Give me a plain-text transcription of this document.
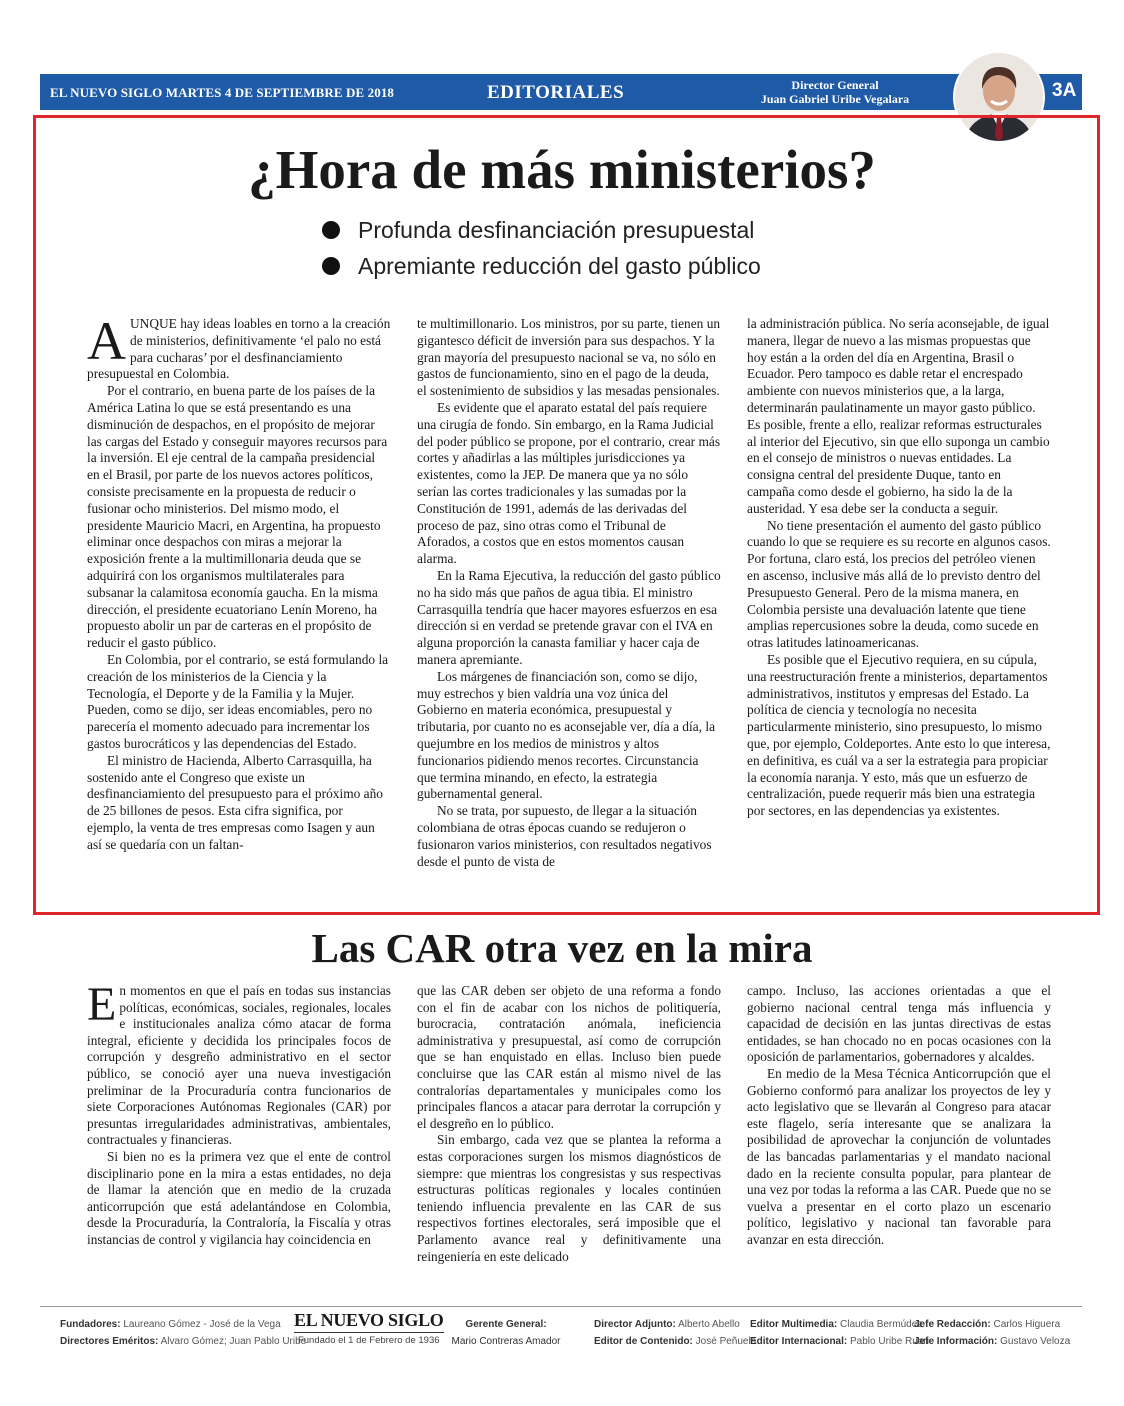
EL NUEVO SIGLO MARTES 4 DE SEPTIEMBRE DE 2018	EDITORIALES	Director General
Juan Gabriel Uribe Vegalara	3A
¿Hora de más ministerios?
Profunda desfinanciación presupuestal
Apremiante reducción del gasto público

AUNQUE hay ideas loables en torno a la creación de ministerios, definitivamente ‘el palo no está para cucharas’ por el desfinanciamiento presupuestal en Colombia.

Por el contrario, en buena parte de los países de la América Latina lo que se está presentando es una disminución de despachos, en el propósito de mejorar las cargas del Estado y conseguir mayores recursos para la inversión. El eje central de la campaña presidencial en el Brasil, por parte de los nuevos actores políticos, consiste precisamente en la propuesta de reducir o fusionar ocho ministerios. Del mismo modo, el presidente Mauricio Macri, en Argentina, ha propuesto eliminar once despachos con miras a mejorar la exposición frente a la multimillonaria deuda que se adquirirá con los organismos multilaterales para subsanar la calamitosa economía gaucha. En la misma dirección, el presidente ecuatoriano Lenín Moreno, ha propuesto abolir un par de carteras en el propósito de reducir el gasto público.

En Colombia, por el contrario, se está formulando la creación de los ministerios de la Ciencia y la Tecnología, el Deporte y de la Familia y la Mujer. Pueden, como se dijo, ser ideas encomiables, pero no parecería el momento adecuado para incrementar los gastos burocráticos y las dependencias del Estado.

El ministro de Hacienda, Alberto Carrasquilla, ha sostenido ante el Congreso que existe un desfinanciamiento del presupuesto para el próximo año de 25 billones de pesos. Esta cifra significa, por ejemplo, la venta de tres empresas como Isagen y aun así se quedaría con un faltan-

te multimillonario. Los ministros, por su parte, tienen un gigantesco déficit de inversión para sus despachos. Y la gran mayoría del presupuesto nacional se va, no sólo en gastos de funcionamiento, sino en el pago de la deuda, el sostenimiento de subsidios y las mesadas pensionales.

Es evidente que el aparato estatal del país requiere una cirugía de fondo. Sin embargo, en la Rama Judicial del poder público se propone, por el contrario, crear más cortes y añadirlas a las múltiples jurisdicciones ya existentes, como la JEP. De manera que ya no sólo serían las cortes tradicionales y las sumadas por la Constitución de 1991, además de las derivadas del proceso de paz, sino otras como el Tribunal de Aforados, a costos que en estos momentos causan alarma.

En la Rama Ejecutiva, la reducción del gasto público no ha sido más que paños de agua tibia. El ministro Carrasquilla tendría que hacer mayores esfuerzos en esa dirección si en verdad se pretende gravar con el IVA en alguna proporción la canasta familiar y hacer caja de manera apremiante.

Los márgenes de financiación son, como se dijo, muy estrechos y bien valdría una voz única del Gobierno en materia económica, presupuestal y tributaria, por cuanto no es aconsejable ver, día a día, la quejumbre en los medios de ministros y altos funcionarios pidiendo menos recortes. Circunstancia que termina minando, en efecto, la estrategia gubernamental general.

No se trata, por supuesto, de llegar a la situación colombiana de otras épocas cuando se redujeron o fusionaron varios ministerios, con resultados negativos desde el punto de vista de

la administración pública. No sería aconsejable, de igual manera, llegar de nuevo a las mismas propuestas que hoy están a la orden del día en Argentina, Brasil o Ecuador. Pero tampoco es dable retar el encrespado ambiente con nuevos ministerios que, a la larga, determinarán paulatinamente un mayor gasto público. Es posible, frente a ello, realizar reformas estructurales al interior del Ejecutivo, sin que ello suponga un cambio en el consejo de ministros o nuevas entidades. La consigna central del presidente Duque, tanto en campaña como desde el gobierno, ha sido la de la austeridad. Y esa debe ser la conducta a seguir.

No tiene presentación el aumento del gasto público cuando lo que se requiere es su recorte en algunos casos. Por fortuna, claro está, los precios del petróleo vienen en ascenso, inclusive más allá de lo previsto dentro del Presupuesto General. Pero de la misma manera, en Colombia persiste una devaluación latente que tiene amplias repercusiones sobre la deuda, como sucede en otras latitudes latinoamericanas.

Es posible que el Ejecutivo requiera, en su cúpula, una reestructuración frente a ministerios, departamentos administrativos, institutos y empresas del Estado. La política de ciencia y tecnología no necesita particularmente ministerio, sino presupuesto, lo mismo que, por ejemplo, Coldeportes. Ante esto lo que interesa, en definitiva, es cuál va a ser la estrategia para propiciar la economía naranja. Y esto, más que un esfuerzo de centralización, puede requerir más bien una estrategia por sectores, en las dependencias ya existentes.

Las CAR otra vez en la mira

En momentos en que el país en todas sus instancias políticas, económicas, sociales, regionales, locales e institucionales analiza cómo atacar de forma integral, eficiente y decidida los principales focos de corrupción y desgreño administrativo en el sector público, se conoció ayer una nueva investigación preliminar de la Procuraduría contra funcionarios de siete Corporaciones Autónomas Regionales (CAR) por presuntas irregularidades administrativas, ambientales, contractuales y financieras.

Si bien no es la primera vez que el ente de control disciplinario pone en la mira a estas entidades, no deja de llamar la atención que en medio de la cruzada anticorrupción que está adelantándose en Colombia, desde la Procuraduría, la Contraloría, la Fiscalía y otras instancias de control y vigilancia hay coincidencia en

que las CAR deben ser objeto de una reforma a fondo con el fin de acabar con los nichos de politiquería, burocracia, contratación anómala, ineficiencia administrativa y presupuestal, así como de corrupción que se han enquistado en ellas. Incluso bien puede concluirse que las CAR están al mismo nivel de las contralorías departamentales y municipales como los principales flancos a atacar para derrotar la corrupción y el desgreño en lo público.

Sin embargo, cada vez que se plantea la reforma a estas corporaciones surgen los mismos diagnósticos de siempre: que mientras los congresistas y sus respectivas estructuras políticas regionales y locales continúen teniendo influencia prevalente en las CAR de sus respectivos fortines electorales, será imposible que el Parlamento avance real y definitivamente una reingeniería en este delicado

campo. Incluso, las acciones orientadas a que el gobierno nacional central tenga más influencia y capacidad de decisión en las juntas directivas de estas entidades, se han chocado no en pocas ocasiones con la oposición de parlamentarios, gobernadores y alcaldes.

En medio de la Mesa Técnica Anticorrupción que el Gobierno conformó para analizar los proyectos de ley y acto legislativo que se llevarán al Congreso para atacar este flagelo, sería interesante que se analizara la posibilidad de aprovechar la conjunción de voluntades de las bancadas parlamentarias y el mandato nacional dado en la reciente consulta popular, para plantear de una vez por todas la reforma a las CAR. Puede que no se vuelva a presentar en el corto plazo un escenario político, legislativo y nacional tan favorable para avanzar en esta dirección.

Fundadores: Laureano Gómez - José de la Vega
Directores Eméritos: Alvaro Gómez; Juan Pablo Uribe
EL NUEVO SIGLO
Fundado el 1 de Febrero de 1936
Gerente General:
Mario Contreras Amador
Director Adjunto: Alberto Abello
Editor de Contenido: José Peñuela
Editor Multimedia: Claudia Bermúdez
Editor Internacional: Pablo Uribe Ruan
Jefe Redacción: Carlos Higuera
Jefe Información: Gustavo Veloza
